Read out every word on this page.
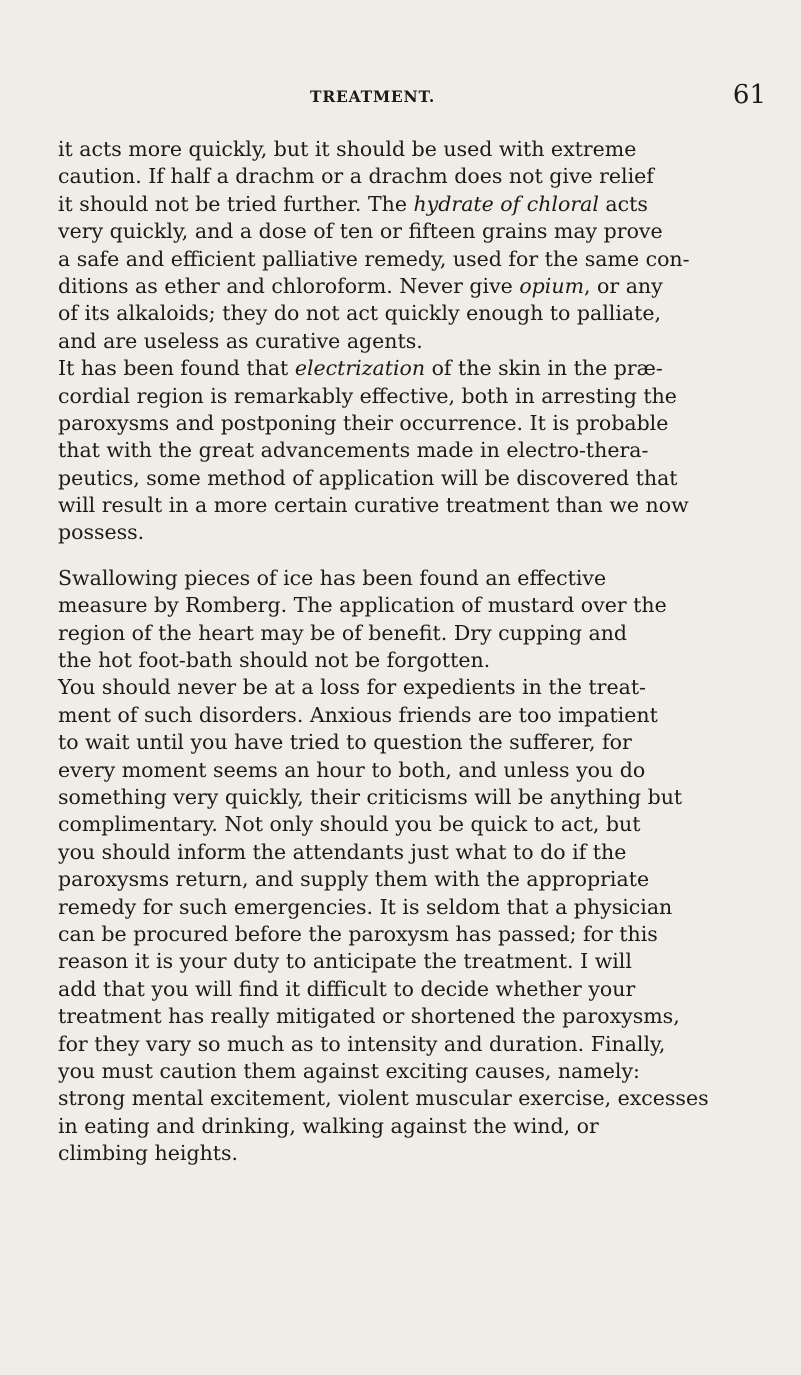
TREATMENT.	61
it acts more quickly, but it should be used with extreme
caution. If half a drachm or a drachm does not give relief
it should not be tried further. The hydrate of chloral acts
very quickly, and a dose of ten or fifteen grains may prove
a safe and efficient palliative remedy, used for the same con-
ditions as ether and chloroform. Never give opium, or any
of its alkaloids; they do not act quickly enough to palliate,
and are useless as curative agents.
It has been found that electrization of the skin in the præ-
cordial region is remarkably effective, both in arresting the
paroxysms and postponing their occurrence. It is probable
that with the great advancements made in electro-thera-
peutics, some method of application will be discovered that
will result in a more certain curative treatment than we now
possess.
Swallowing pieces of ice has been found an effective
measure by Romberg. The application of mustard over the
region of the heart may be of benefit. Dry cupping and
the hot foot-bath should not be forgotten.
You should never be at a loss for expedients in the treat-
ment of such disorders. Anxious friends are too impatient
to wait until you have tried to question the sufferer, for
every moment seems an hour to both, and unless you do
something very quickly, their criticisms will be anything but
complimentary. Not only should you be quick to act, but
you should inform the attendants just what to do if the
paroxysms return, and supply them with the appropriate
remedy for such emergencies. It is seldom that a physician
can be procured before the paroxysm has passed; for this
reason it is your duty to anticipate the treatment. I will
add that you will find it difficult to decide whether your
treatment has really mitigated or shortened the paroxysms,
for they vary so much as to intensity and duration. Finally,
you must caution them against exciting causes, namely:
strong mental excitement, violent muscular exercise, excesses
in eating and drinking, walking against the wind, or
climbing heights.
